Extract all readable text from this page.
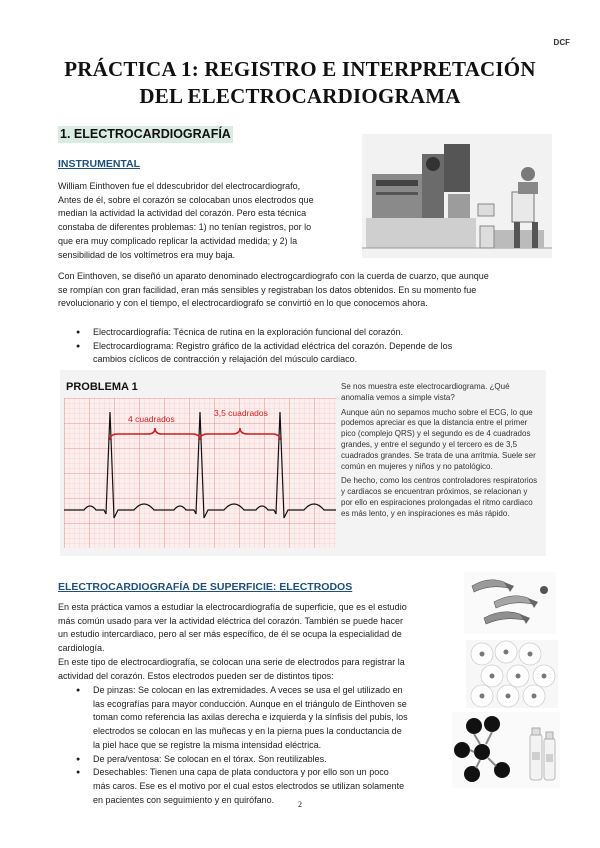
DCF
PRÁCTICA 1: REGISTRO E INTERPRETACIÓN
DEL ELECTROCARDIOGRAMA
1. ELECTROCARDIOGRAFÍA
INSTRUMENTAL
William Einthoven fue el ddescubridor del electrocardiografo,
Antes de él, sobre el corazón se colocaban unos electrodos que
median la actividad la actividad del corazón. Pero esta técnica
constaba de diferentes problemas: 1) no tenían registros, por lo
que era muy complicado replicar la actividad medida; y 2) la
sensibilidad de los voltímetros era muy baja.
Con Einthoven, se diseñó un aparato denominado electrogcardiografo con la cuerda de cuarzo, que aunque
se rompían con gran facilidad, eran más sensibles y registraban los datos obtenidos. En su momento fue
revolucionario y con el tiempo, el electrocardiografo se convirtió en lo que conocemos ahora.
● Electrocardiografía: Técnica de rutina en la exploración funcional del corazón.
● Electrocardiograma: Registro gráfico de la actividad eléctrica del corazón. Depende de los
cambios cíclicos de contracción y relajación del músculo cardiaco.
PROBLEMA 1
4 cuadrados
3,5 cuadrados

Se nos muestra este electrocardiograma. ¿Qué anomalía vemos a simple vista?

Aunque aún no sepamos mucho sobre el ECG, lo que podemos apreciar es que la distancia entre el primer pico (complejo QRS) y el segundo es de 4 cuadrados grandes, y entre el segundo y el tercero es de 3,5 cuadrados grandes. Se trata de una arritmia. Suele ser común en mujeres y niños y no patológico.

De hecho, como los centros controladores respiratorios y cardiacos se encuentran próximos, se relacionan y por ello en espiraciones prolongadas el ritmo cardiaco es más lento, y en inspiraciones es más rápido.

ELECTROCARDIOGRAFÍA DE SUPERFICIE: ELECTRODOS
En esta práctica vamos a estudiar la electrocardiografía de superficie, que es el estudio
más común usado para ver la actividad eléctrica del corazón. También se puede hacer
un estudio intercardiaco, pero al ser más específico, de él se ocupa la especialidad de
cardiología.
En este tipo de electrocardiografía, se colocan una serie de electrodos para registrar la
actividad del corazón. Estos electrodos pueden ser de distintos tipos:
● De pinzas: Se colocan en las extremidades. A veces se usa el gel utilizado en
las ecografías para mayor conducción. Aunque en el triángulo de Einthoven se
toman como referencia las axilas derecha e izquierda y la sínfisis del pubis, los
electrodos se colocan en las muñecas y en la pierna pues la conductancia de
la piel hace que se registre la misma intensidad eléctrica.
● De pera/ventosa: Se colocan en el tórax. Son reutilizables.
● Desechables: Tienen una capa de plata conductora y por ello son un poco
más caros. Ese es el motivo por el cual estos electrodos se utilizan solamente
en pacientes con seguimiento y en quirófano.	2
